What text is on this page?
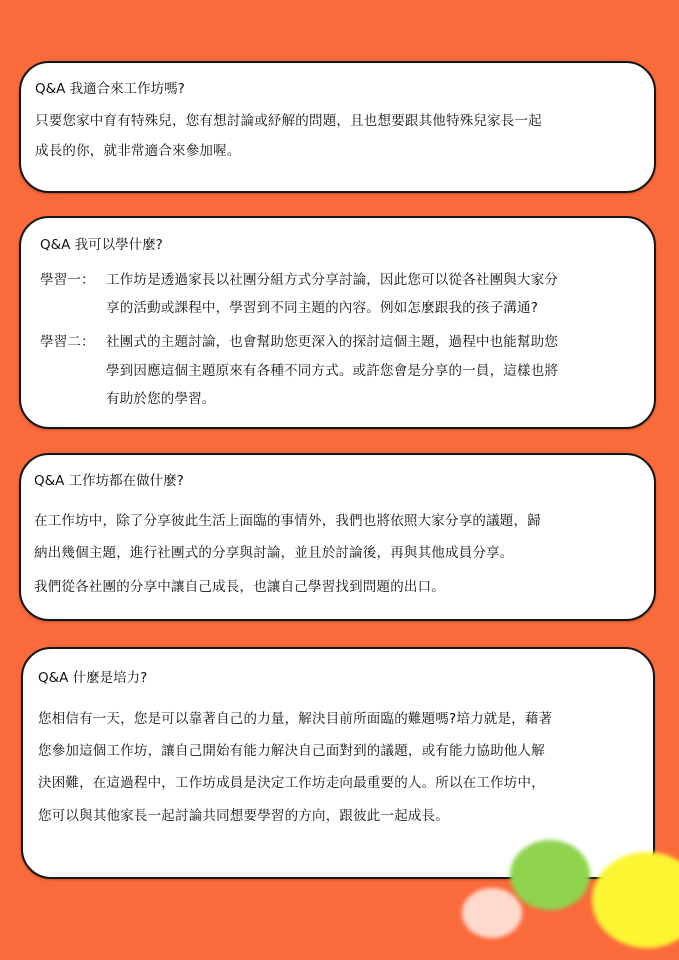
Q&A 我適合來工作坊嗎?
只要您家中育有特殊兒，您有想討論或紓解的問題，且也想要跟其他特殊兒家長一起
成長的你，就非常適合來參加喔。
Q&A 我可以學什麼?
學習一： 工作坊是透過家長以社團分組方式分享討論，因此您可以從各社團與大家分
享的活動或課程中，學習到不同主題的內容。例如怎麼跟我的孩子溝通?
學習二： 社團式的主題討論，也會幫助您更深入的探討這個主題，過程中也能幫助您
學到因應這個主題原來有各種不同方式。或許您會是分享的一員，這樣也將
有助於您的學習。
Q&A 工作坊都在做什麼?
在工作坊中，除了分享彼此生活上面臨的事情外，我們也將依照大家分享的議題，歸
納出幾個主題，進行社團式的分享與討論，並且於討論後，再與其他成員分享。
我們從各社團的分享中讓自己成長，也讓自己學習找到問題的出口。
Q&A 什麼是培力?
您相信有一天，您是可以靠著自己的力量，解決目前所面臨的難題嗎?培力就是，藉著
您參加這個工作坊，讓自己開始有能力解決自己面對到的議題，或有能力協助他人解
決困難，在這過程中，工作坊成員是決定工作坊走向最重要的人。所以在工作坊中，
您可以與其他家長一起討論共同想要學習的方向，跟彼此一起成長。
